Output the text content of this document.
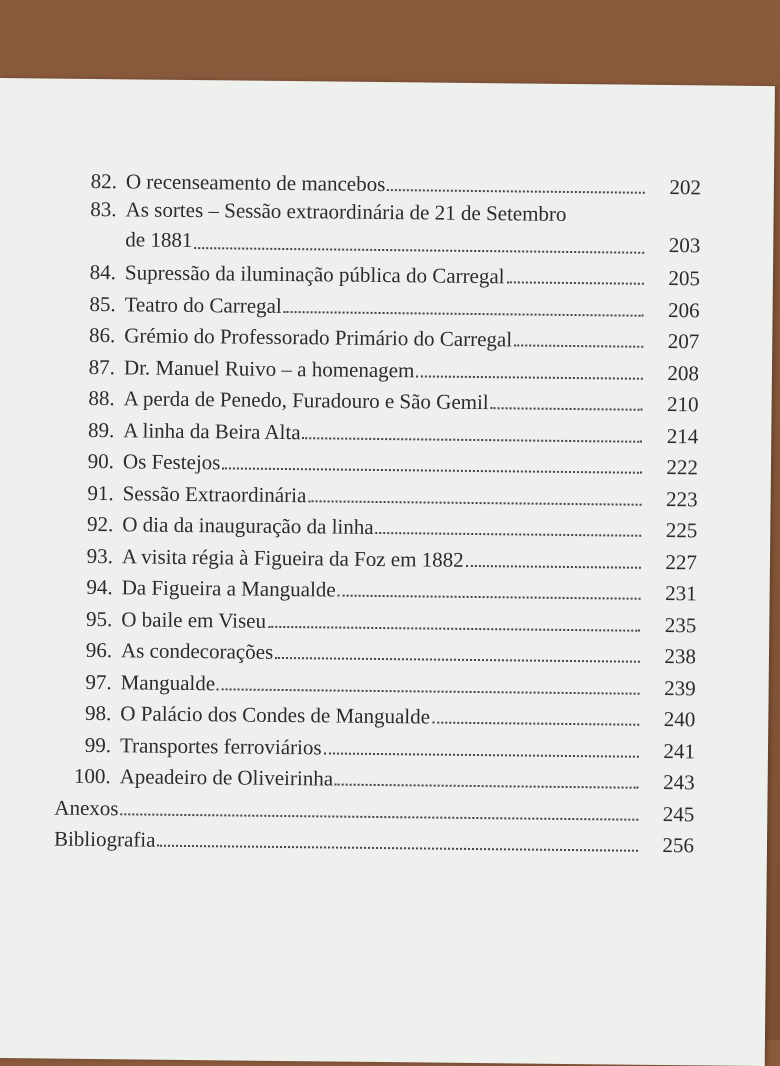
82. O recenseamento de mancebos	202
83. As sortes – Sessão extraordinária de 21 de Setembro
de 1881	203
84. Supressão da iluminação pública do Carregal	205
85. Teatro do Carregal	206
86. Grémio do Professorado Primário do Carregal	207
87. Dr. Manuel Ruivo – a homenagem	208
88. A perda de Penedo, Furadouro e São Gemil	210
89. A linha da Beira Alta	214
90. Os Festejos	222
91. Sessão Extraordinária	223
92. O dia da inauguração da linha	225
93. A visita régia à Figueira da Foz em 1882	227
94. Da Figueira a Mangualde	231
95. O baile em Viseu	235
96. As condecorações	238
97. Mangualde	239
98. O Palácio dos Condes de Mangualde	240
99. Transportes ferroviários	241
100. Apeadeiro de Oliveirinha	243
Anexos	245
Bibliografia	256
